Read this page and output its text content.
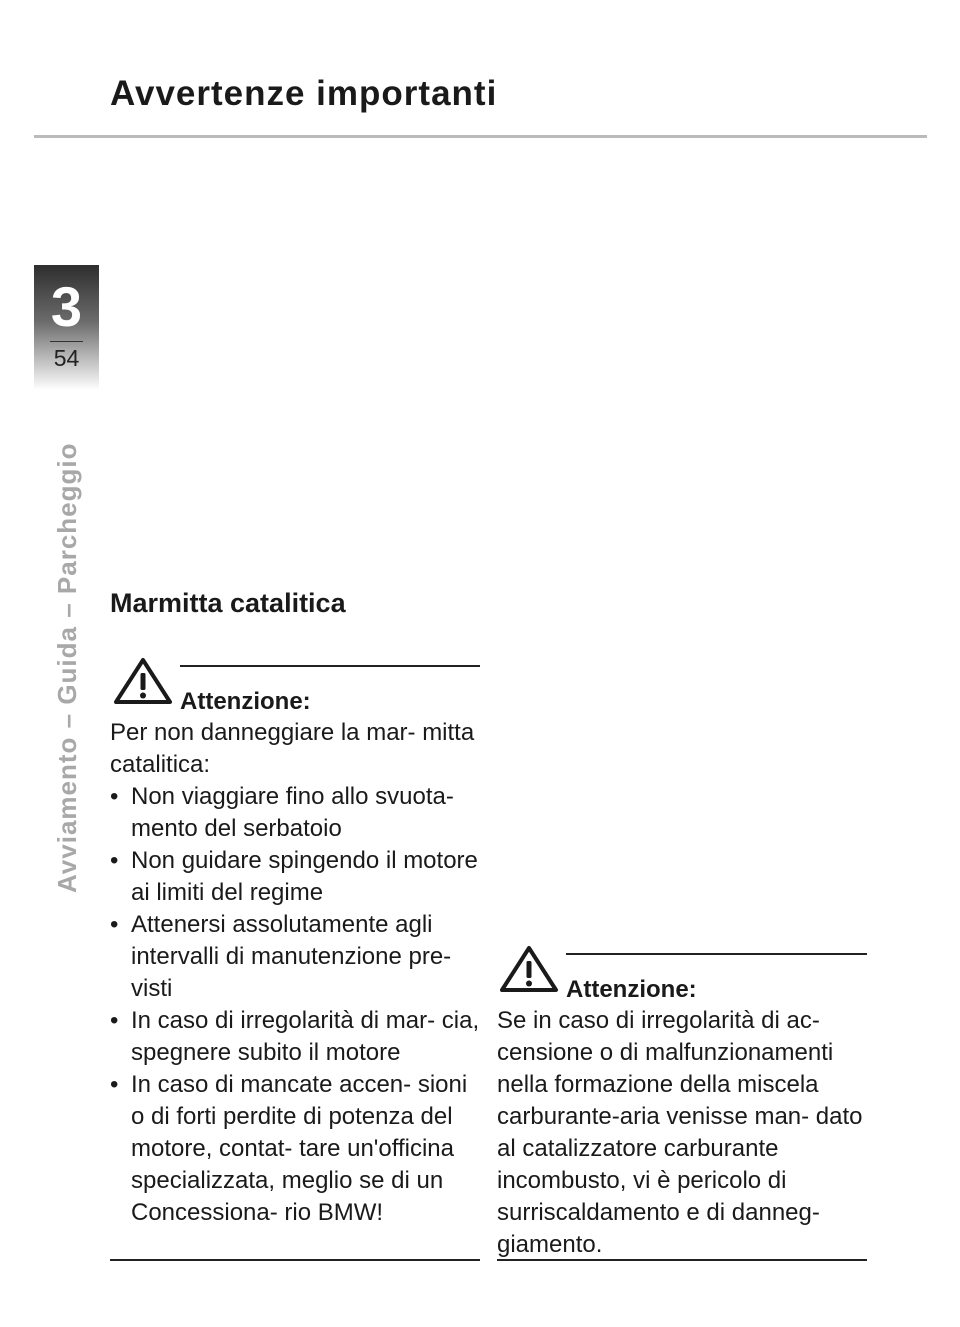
Avvertenze importanti
3
54
Avviamento – Guida – Parcheggio Marmitta catalitica
Attenzione:

Per non danneggiare la mar- mitta catalitica:

• Non viaggiare fino allo svuota- mento del serbatoio
• Non guidare spingendo il motore ai limiti del regime
• Attenersi assolutamente agli intervalli di manutenzione pre- visti
• In caso di irregolarità di mar- cia, spegnere subito il motore
• In caso di mancate accen- sioni o di forti perdite di potenza del motore, contat- tare un'officina specializzata, meglio se di un Concessiona- rio BMW!
Attenzione:

Se in caso di irregolarità di ac- censione o di malfunzionamenti nella formazione della miscela carburante-aria venisse man- dato al catalizzatore carburante incombusto, vi è pericolo di surriscaldamento e di danneg- giamento.
